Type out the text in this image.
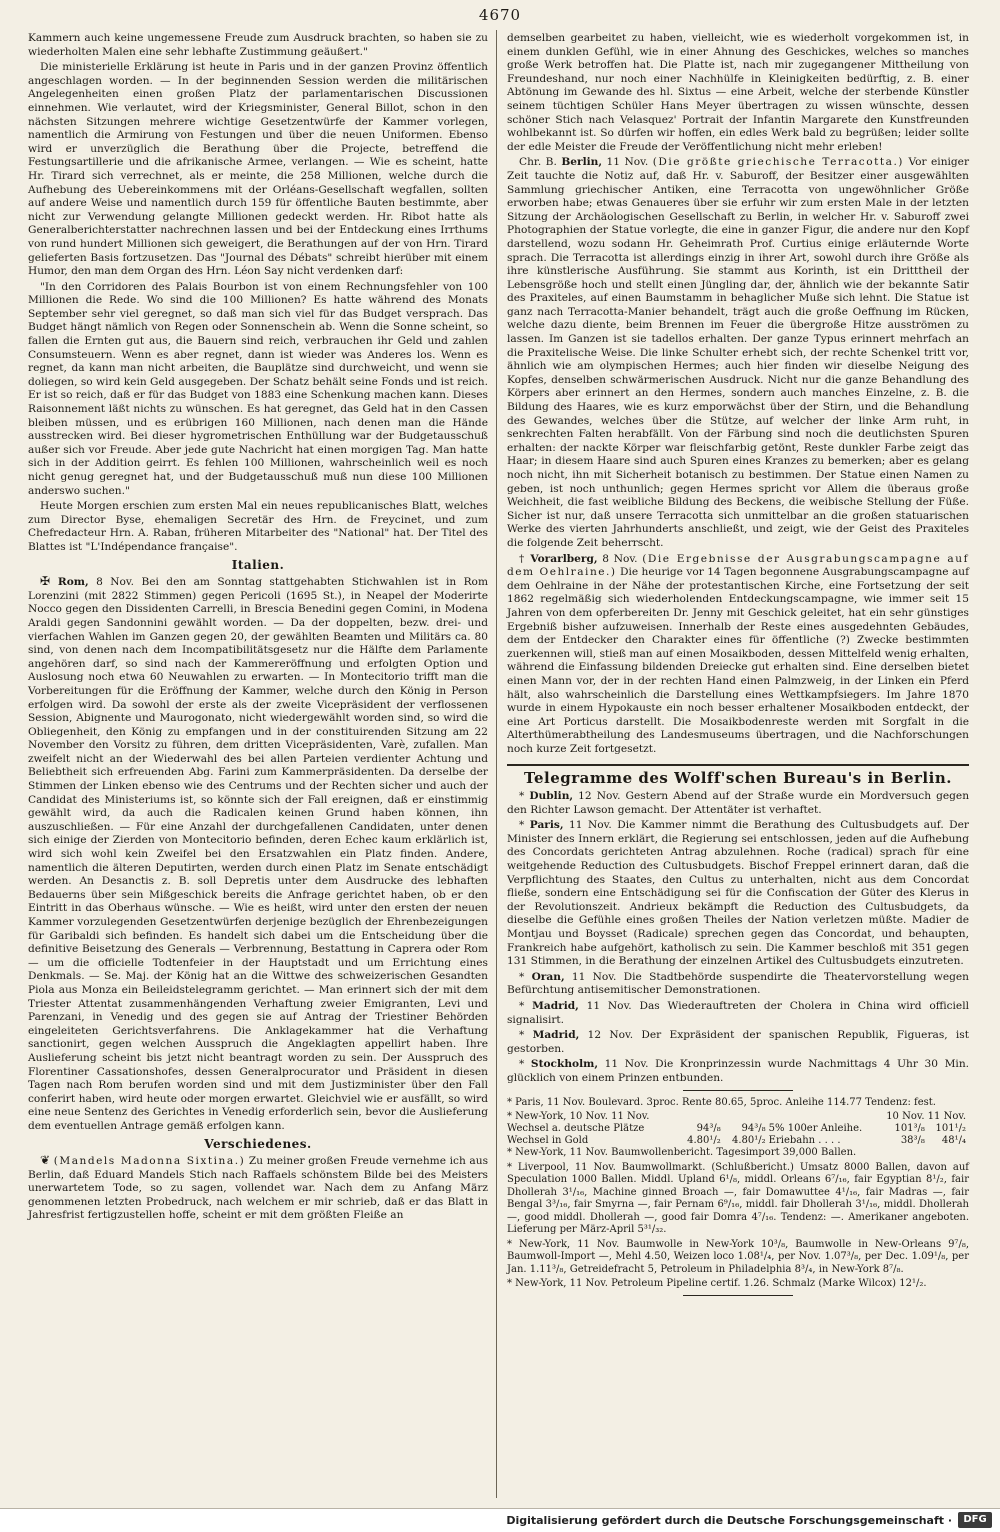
4670

Kammern auch keine ungemessene Freude zum Ausdruck brachten, so haben sie zu wiederholten Malen eine sehr lebhafte Zustimmung geäußert."

Die ministerielle Erklärung ist heute in Paris und in der ganzen Provinz öffentlich angeschlagen worden. — In der beginnenden Session werden die militärischen Angelegenheiten einen großen Platz der parlamentarischen Discussionen einnehmen. Wie verlautet, wird der Kriegsminister, General Billot, schon in den nächsten Sitzungen mehrere wichtige Gesetzentwürfe der Kammer vorlegen, namentlich die Armirung von Festungen und über die neuen Uniformen. Ebenso wird er unverzüglich die Berathung über die Projecte, betreffend die Festungsartillerie und die afrikanische Armee, verlangen. — Wie es scheint, hatte Hr. Tirard sich verrechnet, als er meinte, die 258 Millionen, welche durch die Aufhebung des Uebereinkommens mit der Orléans-Gesellschaft wegfallen, sollten auf andere Weise und namentlich durch 159 für öffentliche Bauten bestimmte, aber nicht zur Verwendung gelangte Millionen gedeckt werden. Hr. Ribot hatte als Generalberichterstatter nachrechnen lassen und bei der Entdeckung eines Irrthums von rund hundert Millionen sich geweigert, die Berathungen auf der von Hrn. Tirard gelieferten Basis fortzusetzen. Das "Journal des Débats" schreibt hierüber mit einem Humor, den man dem Organ des Hrn. Léon Say nicht verdenken darf:

"In den Corridoren des Palais Bourbon ist von einem Rechnungsfehler von 100 Millionen die Rede. Wo sind die 100 Millionen? Es hatte während des Monats September sehr viel geregnet, so daß man sich viel für das Budget versprach. Das Budget hängt nämlich von Regen oder Sonnenschein ab. Wenn die Sonne scheint, so fallen die Ernten gut aus, die Bauern sind reich, verbrauchen ihr Geld und zahlen Consumsteuern. Wenn es aber regnet, dann ist wieder was Anderes los. Wenn es regnet, da kann man nicht arbeiten, die Bauplätze sind durchweicht, und wenn sie doliegen, so wird kein Geld ausgegeben. Der Schatz behält seine Fonds und ist reich. Er ist so reich, daß er für das Budget von 1883 eine Schenkung machen kann. Dieses Raisonnement läßt nichts zu wünschen. Es hat geregnet, das Geld hat in den Cassen bleiben müssen, und es erübrigen 160 Millionen, nach denen man die Hände ausstrecken wird. Bei dieser hygrometrischen Enthüllung war der Budgetausschuß außer sich vor Freude. Aber jede gute Nachricht hat einen morgigen Tag. Man hatte sich in der Addition geirrt. Es fehlen 100 Millionen, wahrscheinlich weil es noch nicht genug geregnet hat, und der Budgetausschuß muß nun diese 100 Millionen anderswo suchen."

Heute Morgen erschien zum ersten Mal ein neues republicanisches Blatt, welches zum Director Byse, ehemaligen Secretär des Hrn. de Freycinet, und zum Chefredacteur Hrn. A. Raban, früheren Mitarbeiter des "National" hat. Der Titel des Blattes ist "L'Indépendance française".

Italien.

✠ Rom, 8 Nov. Bei den am Sonntag stattgehabten Stichwahlen ist in Rom Lorenzini (mit 2822 Stimmen) gegen Pericoli (1695 St.), in Neapel der Moderirte Nocco gegen den Dissidenten Carrelli, in Brescia Benedini gegen Comini, in Modena Araldi gegen Sandonnini gewählt worden. — Da der doppelten, bezw. drei- und vierfachen Wahlen im Ganzen gegen 20, der gewählten Beamten und Militärs ca. 80 sind, von denen nach dem Incompatibilitätsgesetz nur die Hälfte dem Parlamente angehören darf, so sind nach der Kammereröffnung und erfolgten Option und Auslosung noch etwa 60 Neuwahlen zu erwarten. — In Montecitorio trifft man die Vorbereitungen für die Eröffnung der Kammer, welche durch den König in Person erfolgen wird. Da sowohl der erste als der zweite Vicepräsident der verflossenen Session, Abignente und Maurogonato, nicht wiedergewählt worden sind, so wird die Obliegenheit, den König zu empfangen und in der constituirenden Sitzung am 22 November den Vorsitz zu führen, dem dritten Vicepräsidenten, Varè, zufallen. Man zweifelt nicht an der Wiederwahl des bei allen Parteien verdienter Achtung und Beliebtheit sich erfreuenden Abg. Farini zum Kammerpräsidenten. Da derselbe der Stimmen der Linken ebenso wie des Centrums und der Rechten sicher und auch der Candidat des Ministeriums ist, so könnte sich der Fall ereignen, daß er einstimmig gewählt wird, da auch die Radicalen keinen Grund haben können, ihn auszuschließen. — Für eine Anzahl der durchgefallenen Candidaten, unter denen sich einige der Zierden von Montecitorio befinden, deren Echec kaum erklärlich ist, wird sich wohl kein Zweifel bei den Ersatzwahlen ein Platz finden. Andere, namentlich die älteren Deputirten, werden durch einen Platz im Senate entschädigt werden. An Desanctis z. B. soll Depretis unter dem Ausdrucke des lebhaften Bedauerns über sein Mißgeschick bereits die Anfrage gerichtet haben, ob er den Eintritt in das Oberhaus wünsche. — Wie es heißt, wird unter den ersten der neuen Kammer vorzulegenden Gesetzentwürfen derjenige bezüglich der Ehrenbezeigungen für Garibaldi sich befinden. Es handelt sich dabei um die Entscheidung über die definitive Beisetzung des Generals — Verbrennung, Bestattung in Caprera oder Rom — um die officielle Todtenfeier in der Hauptstadt und um Errichtung eines Denkmals. — Se. Maj. der König hat an die Wittwe des schweizerischen Gesandten Piola aus Monza ein Beileidstelegramm gerichtet. — Man erinnert sich der mit dem Triester Attentat zusammenhängenden Verhaftung zweier Emigranten, Levi und Parenzani, in Venedig und des gegen sie auf Antrag der Triestiner Behörden eingeleiteten Gerichtsverfahrens. Die Anklagekammer hat die Verhaftung sanctionirt, gegen welchen Ausspruch die Angeklagten appellirt haben. Ihre Auslieferung scheint bis jetzt nicht beantragt worden zu sein. Der Ausspruch des Florentiner Cassationshofes, dessen Generalprocurator und Präsident in diesen Tagen nach Rom berufen worden sind und mit dem Justizminister über den Fall conferirt haben, wird heute oder morgen erwartet. Gleichviel wie er ausfällt, so wird eine neue Sentenz des Gerichtes in Venedig erforderlich sein, bevor die Auslieferung dem eventuellen Antrage gemäß erfolgen kann.

Verschiedenes.

❦ (Mandels Madonna Sixtina.) Zu meiner großen Freude vernehme ich aus Berlin, daß Eduard Mandels Stich nach Raffaels schönstem Bilde bei des Meisters unerwartetem Tode, so zu sagen, vollendet war. Nach dem zu Anfang März genommenen letzten Probedruck, nach welchem er mir schrieb, daß er das Blatt in Jahresfrist fertigzustellen hoffe, scheint er mit dem größten Fleiße an

demselben gearbeitet zu haben, vielleicht, wie es wiederholt vorgekommen ist, in einem dunklen Gefühl, wie in einer Ahnung des Geschickes, welches so manches große Werk betroffen hat. Die Platte ist, nach mir zugegangener Mittheilung von Freundeshand, nur noch einer Nachhülfe in Kleinigkeiten bedürftig, z. B. einer Abtönung im Gewande des hl. Sixtus — eine Arbeit, welche der sterbende Künstler seinem tüchtigen Schüler Hans Meyer übertragen zu wissen wünschte, dessen schöner Stich nach Velasquez' Portrait der Infantin Margarete den Kunstfreunden wohlbekannt ist. So dürfen wir hoffen, ein edles Werk bald zu begrüßen; leider sollte der edle Meister die Freude der Veröffentlichung nicht mehr erleben!

Chr. B. Berlin, 11 Nov. (Die größte griechische Terracotta.) Vor einiger Zeit tauchte die Notiz auf, daß Hr. v. Saburoff, der Besitzer einer ausgewählten Sammlung griechischer Antiken, eine Terracotta von ungewöhnlicher Größe erworben habe; etwas Genaueres über sie erfuhr wir zum ersten Male in der letzten Sitzung der Archäologischen Gesellschaft zu Berlin, in welcher Hr. v. Saburoff zwei Photographien der Statue vorlegte, die eine in ganzer Figur, die andere nur den Kopf darstellend, wozu sodann Hr. Geheimrath Prof. Curtius einige erläuternde Worte sprach. Die Terracotta ist allerdings einzig in ihrer Art, sowohl durch ihre Größe als ihre künstlerische Ausführung. Sie stammt aus Korinth, ist ein Dritttheil der Lebensgröße hoch und stellt einen Jüngling dar, der, ähnlich wie der bekannte Satir des Praxiteles, auf einen Baumstamm in behaglicher Muße sich lehnt. Die Statue ist ganz nach Terracotta-Manier behandelt, trägt auch die große Oeffnung im Rücken, welche dazu diente, beim Brennen im Feuer die übergroße Hitze ausströmen zu lassen. Im Ganzen ist sie tadellos erhalten. Der ganze Typus erinnert mehrfach an die Praxitelische Weise. Die linke Schulter erhebt sich, der rechte Schenkel tritt vor, ähnlich wie am olympischen Hermes; auch hier finden wir dieselbe Neigung des Kopfes, denselben schwärmerischen Ausdruck. Nicht nur die ganze Behandlung des Körpers aber erinnert an den Hermes, sondern auch manches Einzelne, z. B. die Bildung des Haares, wie es kurz emporwächst über der Stirn, und die Behandlung des Gewandes, welches über die Stütze, auf welcher der linke Arm ruht, in senkrechten Falten herabfällt. Von der Färbung sind noch die deutlichsten Spuren erhalten: der nackte Körper war fleischfarbig getönt, Reste dunkler Farbe zeigt das Haar; in diesem Haare sind auch Spuren eines Kranzes zu bemerken; aber es gelang noch nicht, ihn mit Sicherheit botanisch zu bestimmen. Der Statue einen Namen zu geben, ist noch unthunlich; gegen Hermes spricht vor Allem die überaus große Weichheit, die fast weibliche Bildung des Beckens, die weibische Stellung der Füße. Sicher ist nur, daß unsere Terracotta sich unmittelbar an die großen statuarischen Werke des vierten Jahrhunderts anschließt, und zeigt, wie der Geist des Praxiteles die folgende Zeit beherrscht.

† Vorarlberg, 8 Nov. (Die Ergebnisse der Ausgrabungscampagne auf dem Oehlraine.) Die heurige vor 14 Tagen begonnene Ausgrabungscampagne auf dem Oehlraine in der Nähe der protestantischen Kirche, eine Fortsetzung der seit 1862 regelmäßig sich wiederholenden Entdeckungscampagne, wie immer seit 15 Jahren von dem opferbereiten Dr. Jenny mit Geschick geleitet, hat ein sehr günstiges Ergebniß bisher aufzuweisen. Innerhalb der Reste eines ausgedehnten Gebäudes, dem der Entdecker den Charakter eines für öffentliche (?) Zwecke bestimmten zuerkennen will, stieß man auf einen Mosaikboden, dessen Mittelfeld wenig erhalten, während die Einfassung bildenden Dreiecke gut erhalten sind. Eine derselben bietet einen Mann vor, der in der rechten Hand einen Palmzweig, in der Linken ein Pferd hält, also wahrscheinlich die Darstellung eines Wettkampfsiegers. Im Jahre 1870 wurde in einem Hypokauste ein noch besser erhaltener Mosaikboden entdeckt, der eine Art Porticus darstellt. Die Mosaikbodenreste werden mit Sorgfalt in die Alterthümerabtheilung des Landesmuseums übertragen, und die Nachforschungen noch kurze Zeit fortgesetzt.

Telegramme des Wolff'schen Bureau's in Berlin.

* Dublin, 12 Nov. Gestern Abend auf der Straße wurde ein Mordversuch gegen den Richter Lawson gemacht. Der Attentäter ist verhaftet.

* Paris, 11 Nov. Die Kammer nimmt die Berathung des Cultusbudgets auf. Der Minister des Innern erklärt, die Regierung sei entschlossen, jeden auf die Aufhebung des Concordats gerichteten Antrag abzulehnen. Roche (radical) sprach für eine weitgehende Reduction des Cultusbudgets. Bischof Freppel erinnert daran, daß die Verpflichtung des Staates, den Cultus zu unterhalten, nicht aus dem Concordat fließe, sondern eine Entschädigung sei für die Confiscation der Güter des Klerus in der Revolutionszeit. Andrieux bekämpft die Reduction des Cultusbudgets, da dieselbe die Gefühle eines großen Theiles der Nation verletzen müßte. Madier de Montjau und Boysset (Radicale) sprechen gegen das Concordat, und behaupten, Frankreich habe aufgehört, katholisch zu sein. Die Kammer beschloß mit 351 gegen 131 Stimmen, in die Berathung der einzelnen Artikel des Cultusbudgets einzutreten.

* Oran, 11 Nov. Die Stadtbehörde suspendirte die Theatervorstellung wegen Befürchtung antisemitischer Demonstrationen.

* Madrid, 11 Nov. Das Wiederauftreten der Cholera in China wird officiell signalisirt.

* Madrid, 12 Nov. Der Expräsident der spanischen Republik, Figueras, ist gestorben.

* Stockholm, 11 Nov. Die Kronprinzessin wurde Nachmittags 4 Uhr 30 Min. glücklich von einem Prinzen entbunden.

* Paris, 11 Nov. Boulevard. 3proc. Rente 80.65, 5proc. Anleihe 114.77 Tendenz: fest.

* New-York, 10 Nov. 11 Nov.			10 Nov. 11 Nov.		
Wechsel a. deutsche Plätze	94³/₈	94³/₈	5% 100er Anleihe.	101³/₈	101¹/₂
Wechsel in Gold	4.80¹/₂	4.80¹/₂	Eriebahn . . . .	38³/₈	48¹/₄

* New-York, 11 Nov. Baumwollenbericht. Tagesimport 39,000 Ballen.

* Liverpool, 11 Nov. Baumwollmarkt. (Schlußbericht.) Umsatz 8000 Ballen, davon auf Speculation 1000 Ballen. Middl. Upland 6¹/₈, middl. Orleans 6⁷/₁₆, fair Egyptian 8¹/₂, fair Dhollerah 3¹/₁₆, Machine ginned Broach —, fair Domawuttee 4¹/₁₆, fair Madras —, fair Bengal 3³/₁₆, fair Smyrna —, fair Pernam 6⁹/₁₆, middl. fair Dhollerah 3¹/₁₆, middl. Dhollerah —, good middl. Dhollerah —, good fair Domra 4⁷/₁₆. Tendenz: —. Amerikaner angeboten. Lieferung per März-April 5³¹/₃₂.

* New-York, 11 Nov. Baumwolle in New-York 10³/₈, Baumwolle in New-Orleans 9⁷/₈, Baumwoll-Import —, Mehl 4.50, Weizen loco 1.08¹/₄, per Nov. 1.07³/₈, per Dec. 1.09¹/₈, per Jan. 1.11³/₈, Getreidefracht 5, Petroleum in Philadelphia 8³/₄, in New-York 8⁷/₈.

* New-York, 11 Nov. Petroleum Pipeline certif. 1.26. Schmalz (Marke Wilcox) 12¹/₂.

Digitalisierung gefördert durch die Deutsche Forschungsgemeinschaft ·	DFG
